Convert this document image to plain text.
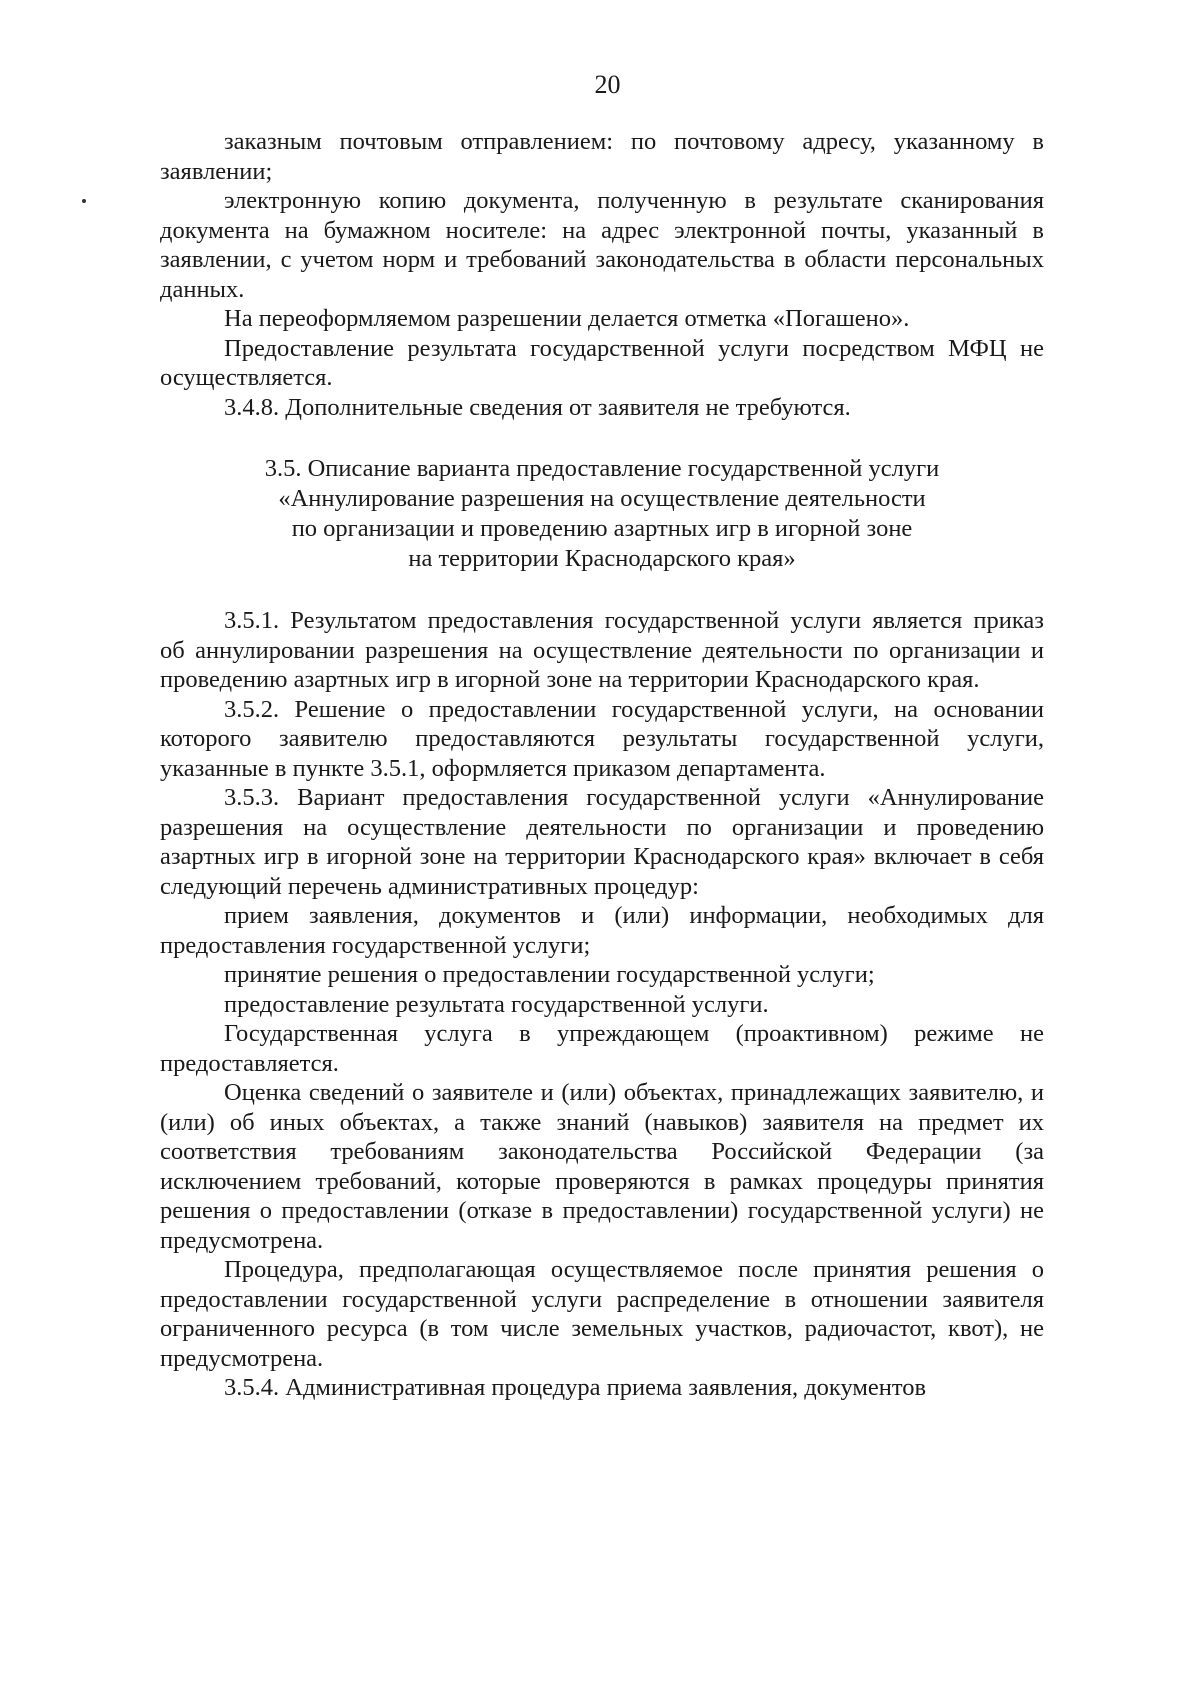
20

заказным почтовым отправлением: по почтовому адресу, указанному в заявлении;

электронную копию документа, полученную в результате сканирования документа на бумажном носителе: на адрес электронной почты, указанный в заявлении, с учетом норм и требований законодательства в области персональных данных.

На переоформляемом разрешении делается отметка «Погашено».

Предоставление результата государственной услуги посредством МФЦ не осуществляется.

3.4.8. Дополнительные сведения от заявителя не требуются.

3.5. Описание варианта предоставление государственной услуги
«Аннулирование разрешения на осуществление деятельности
по организации и проведению азартных игр в игорной зоне
на территории Краснодарского края»

3.5.1. Результатом предоставления государственной услуги является приказ об аннулировании разрешения на осуществление деятельности по организации и проведению азартных игр в игорной зоне на территории Краснодарского края.

3.5.2. Решение о предоставлении государственной услуги, на основании которого заявителю предоставляются результаты государственной услуги, указанные в пункте 3.5.1, оформляется приказом департамента.

3.5.3. Вариант предоставления государственной услуги «Аннулирование разрешения на осуществление деятельности по организации и проведению азартных игр в игорной зоне на территории Краснодарского края» включает в себя следующий перечень административных процедур:

прием заявления, документов и (или) информации, необходимых для предоставления государственной услуги;

принятие решения о предоставлении государственной услуги;

предоставление результата государственной услуги.

Государственная услуга в упреждающем (проактивном) режиме не предоставляется.

Оценка сведений о заявителе и (или) объектах, принадлежащих заявителю, и (или) об иных объектах, а также знаний (навыков) заявителя на предмет их соответствия требованиям законодательства Российской Федерации (за исключением требований, которые проверяются в рамках процедуры принятия решения о предоставлении (отказе в предоставлении) государственной услуги) не предусмотрена.

Процедура, предполагающая осуществляемое после принятия решения о предоставлении государственной услуги распределение в отношении заявителя ограниченного ресурса (в том числе земельных участков, радиочастот, квот), не предусмотрена.

3.5.4. Административная процедура приема заявления, документов
